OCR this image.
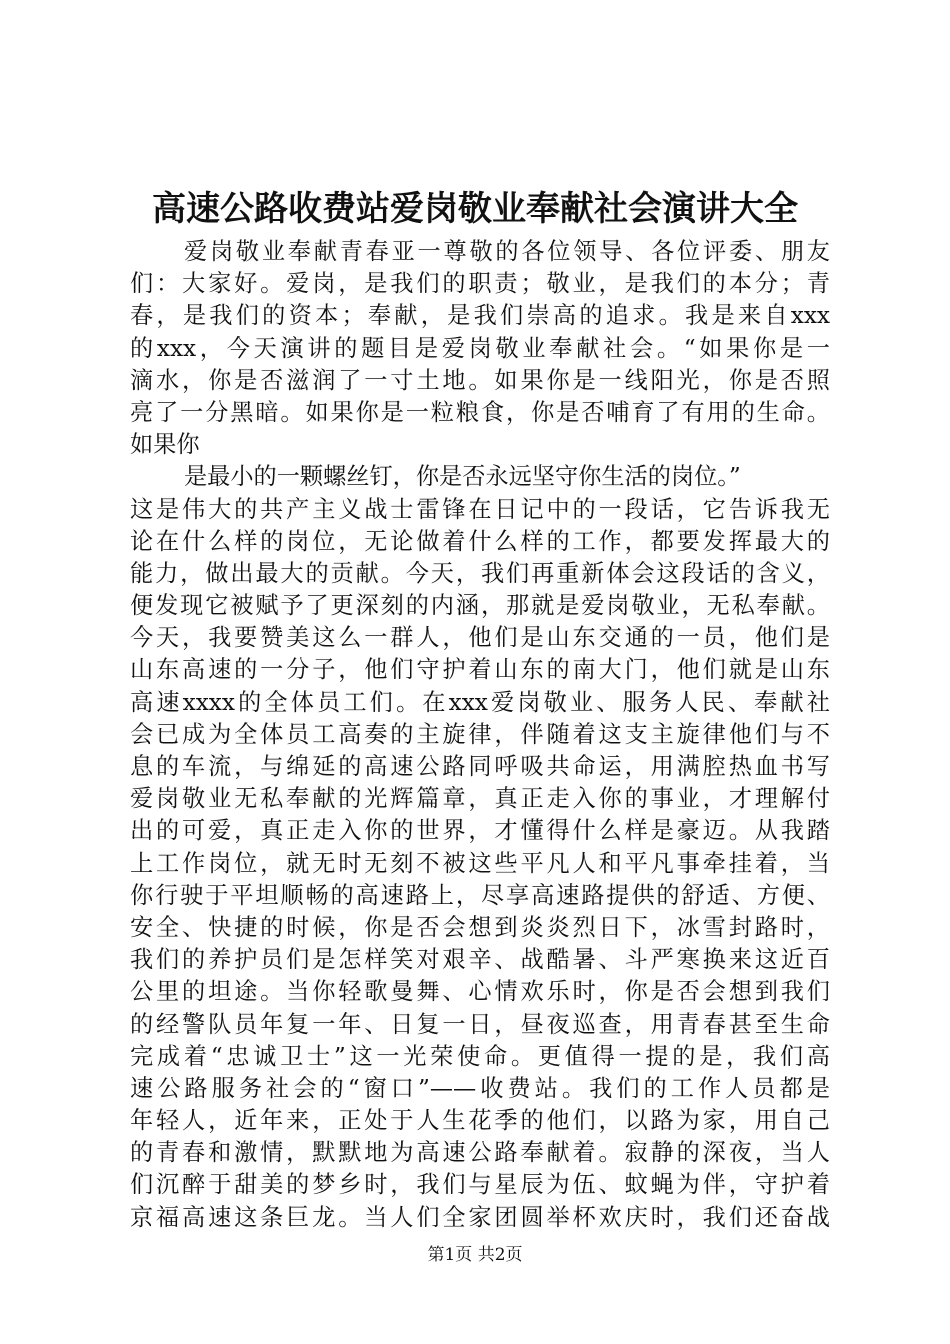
高速公路收费站爱岗敬业奉献社会演讲大全
爱岗敬业奉献青春亚一尊敬的各位领导、各位评委、朋友
们：大家好。爱岗，是我们的职责；敬业，是我们的本分；青
春，是我们的资本；奉献，是我们崇高的追求。我是来自xxx
的xxx，今天演讲的题目是爱岗敬业奉献社会。“如果你是一
滴水，你是否滋润了一寸土地。如果你是一线阳光，你是否照
亮了一分黑暗。如果你是一粒粮食，你是否哺育了有用的生命。
如果你
是最小的一颗螺丝钉，你是否永远坚守你生活的岗位。”
这是伟大的共产主义战士雷锋在日记中的一段话，它告诉我无
论在什么样的岗位，无论做着什么样的工作，都要发挥最大的
能力，做出最大的贡献。今天，我们再重新体会这段话的含义，
便发现它被赋予了更深刻的内涵，那就是爱岗敬业，无私奉献。
今天，我要赞美这么一群人，他们是山东交通的一员，他们是
山东高速的一分子，他们守护着山东的南大门，他们就是山东
高速xxxx的全体员工们。在xxx爱岗敬业、服务人民、奉献社
会已成为全体员工高奏的主旋律，伴随着这支主旋律他们与不
息的车流，与绵延的高速公路同呼吸共命运，用满腔热血书写
爱岗敬业无私奉献的光辉篇章，真正走入你的事业，才理解付
出的可爱，真正走入你的世界，才懂得什么样是豪迈。从我踏
上工作岗位，就无时无刻不被这些平凡人和平凡事牵挂着，当
你行驶于平坦顺畅的高速路上，尽享高速路提供的舒适、方便、
安全、快捷的时候，你是否会想到炎炎烈日下，冰雪封路时，
我们的养护员们是怎样笑对艰辛、战酷暑、斗严寒换来这近百
公里的坦途。当你轻歌曼舞、心情欢乐时，你是否会想到我们
的经警队员年复一年、日复一日，昼夜巡查，用青春甚至生命
完成着“忠诚卫士”这一光荣使命。更值得一提的是，我们高
速公路服务社会的“窗口”——收费站。我们的工作人员都是
年轻人，近年来，正处于人生花季的他们，以路为家，用自己
的青春和激情，默默地为高速公路奉献着。寂静的深夜，当人
们沉醉于甜美的梦乡时，我们与星辰为伍、蚊蝇为伴，守护着
京福高速这条巨龙。当人们全家团圆举杯欢庆时，我们还奋战
第1页 共2页
